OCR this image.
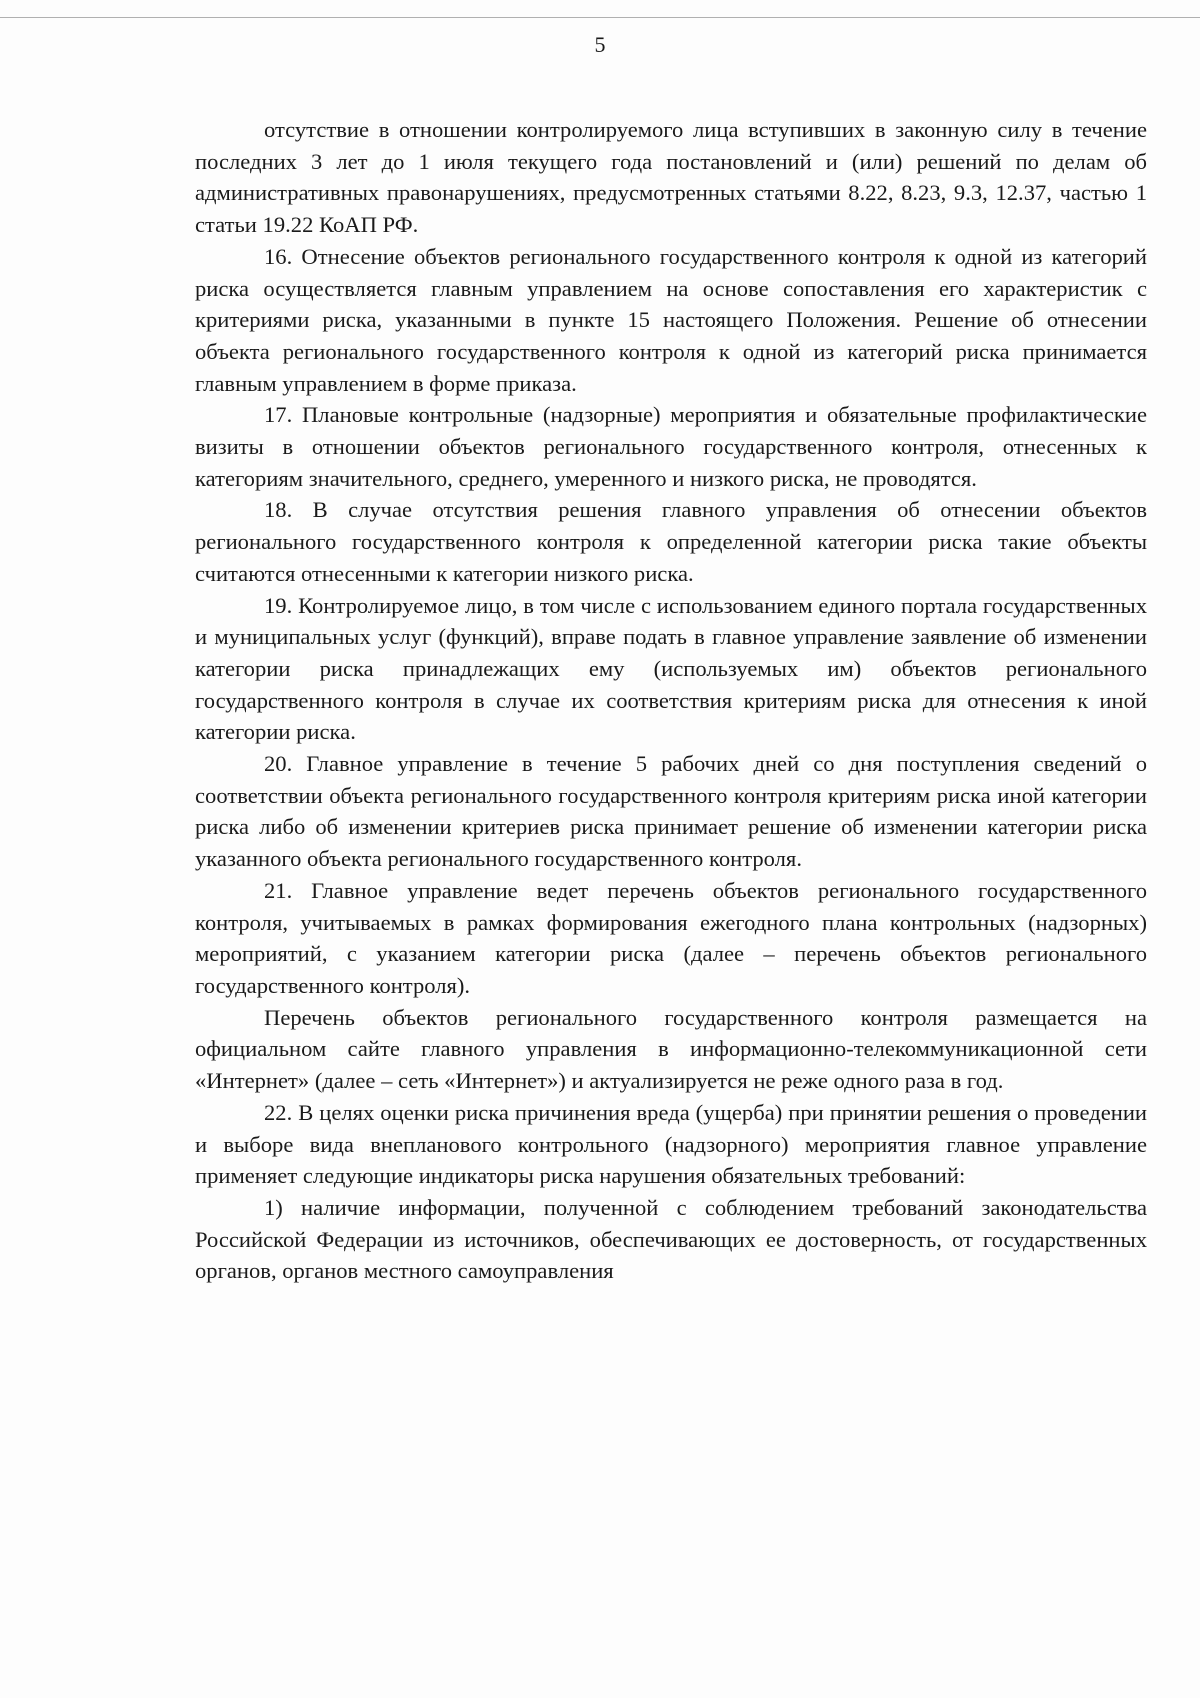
5

отсутствие в отношении контролируемого лица вступивших в законную силу в течение последних 3 лет до 1 июля текущего года постановлений и (или) решений по делам об административных правонарушениях, предусмотренных статьями 8.22, 8.23, 9.3, 12.37, частью 1 статьи 19.22 КоАП РФ.

16. Отнесение объектов регионального государственного контроля к одной из категорий риска осуществляется главным управлением на основе сопоставления его характеристик с критериями риска, указанными в пункте 15 настоящего Положения. Решение об отнесении объекта регионального государственного контроля к одной из категорий риска принимается главным управлением в форме приказа.

17. Плановые контрольные (надзорные) мероприятия и обязательные профилактические визиты в отношении объектов регионального государственного контроля, отнесенных к категориям значительного, среднего, умеренного и низкого риска, не проводятся.

18. В случае отсутствия решения главного управления об отнесении объектов регионального государственного контроля к определенной категории риска такие объекты считаются отнесенными к категории низкого риска.

19. Контролируемое лицо, в том числе с использованием единого портала государственных и муниципальных услуг (функций), вправе подать в главное управление заявление об изменении категории риска принадлежащих ему (используемых им) объектов регионального государственного контроля в случае их соответствия критериям риска для отнесения к иной категории риска.

20. Главное управление в течение 5 рабочих дней со дня поступления сведений о соответствии объекта регионального государственного контроля критериям риска иной категории риска либо об изменении критериев риска принимает решение об изменении категории риска указанного объекта регионального государственного контроля.

21. Главное управление ведет перечень объектов регионального государственного контроля, учитываемых в рамках формирования ежегодного плана контрольных (надзорных) мероприятий, с указанием категории риска (далее – перечень объектов регионального государственного контроля).

Перечень объектов регионального государственного контроля размещается на официальном сайте главного управления в информационно-телекоммуникационной сети «Интернет» (далее – сеть «Интернет») и актуализируется не реже одного раза в год.

22. В целях оценки риска причинения вреда (ущерба) при принятии решения о проведении и выборе вида внепланового контрольного (надзорного) мероприятия главное управление применяет следующие индикаторы риска нарушения обязательных требований:

1) наличие информации, полученной с соблюдением требований законодательства Российской Федерации из источников, обеспечивающих ее достоверность, от государственных органов, органов местного самоуправления
